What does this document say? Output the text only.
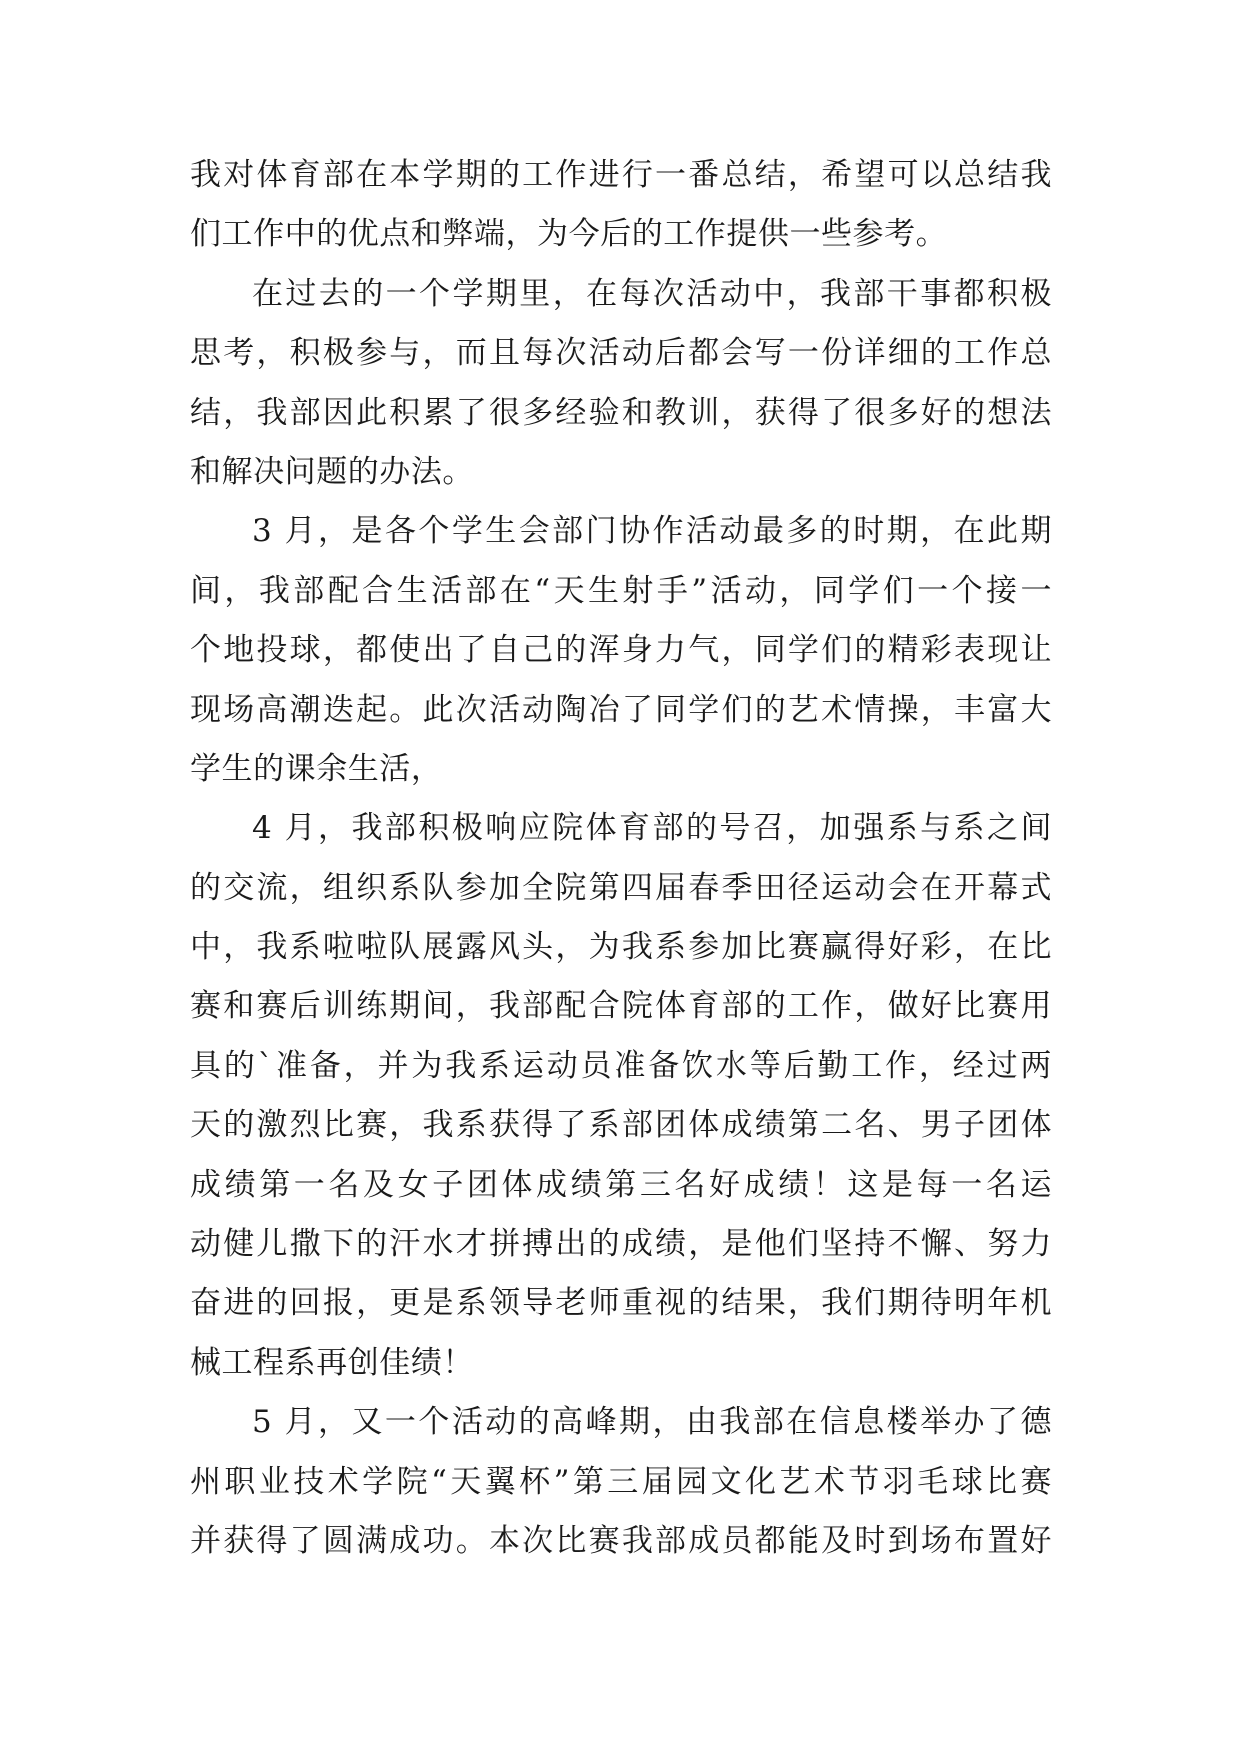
我对体育部在本学期的工作进行一番总结，希望可以总结我
们工作中的优点和弊端，为今后的工作提供一些参考。
在过去的一个学期里，在每次活动中，我部干事都积极
思考，积极参与，而且每次活动后都会写一份详细的工作总
结，我部因此积累了很多经验和教训，获得了很多好的想法
和解决问题的办法。
3 月，是各个学生会部门协作活动最多的时期，在此期
间，我部配合生活部在“天生射手”活动，同学们一个接一
个地投球，都使出了自己的浑身力气，同学们的精彩表现让
现场高潮迭起。此次活动陶冶了同学们的艺术情操，丰富大
学生的课余生活，
4 月，我部积极响应院体育部的号召，加强系与系之间
的交流，组织系队参加全院第四届春季田径运动会在开幕式
中，我系啦啦队展露风头，为我系参加比赛赢得好彩，在比
赛和赛后训练期间，我部配合院体育部的工作，做好比赛用
具的`准备，并为我系运动员准备饮水等后勤工作，经过两
天的激烈比赛，我系获得了系部团体成绩第二名、男子团体
成绩第一名及女子团体成绩第三名好成绩！这是每一名运
动健儿撒下的汗水才拼搏出的成绩，是他们坚持不懈、努力
奋进的回报，更是系领导老师重视的结果，我们期待明年机
械工程系再创佳绩！
5 月，又一个活动的高峰期，由我部在信息楼举办了德
州职业技术学院“天翼杯”第三届园文化艺术节羽毛球比赛
并获得了圆满成功。本次比赛我部成员都能及时到场布置好
